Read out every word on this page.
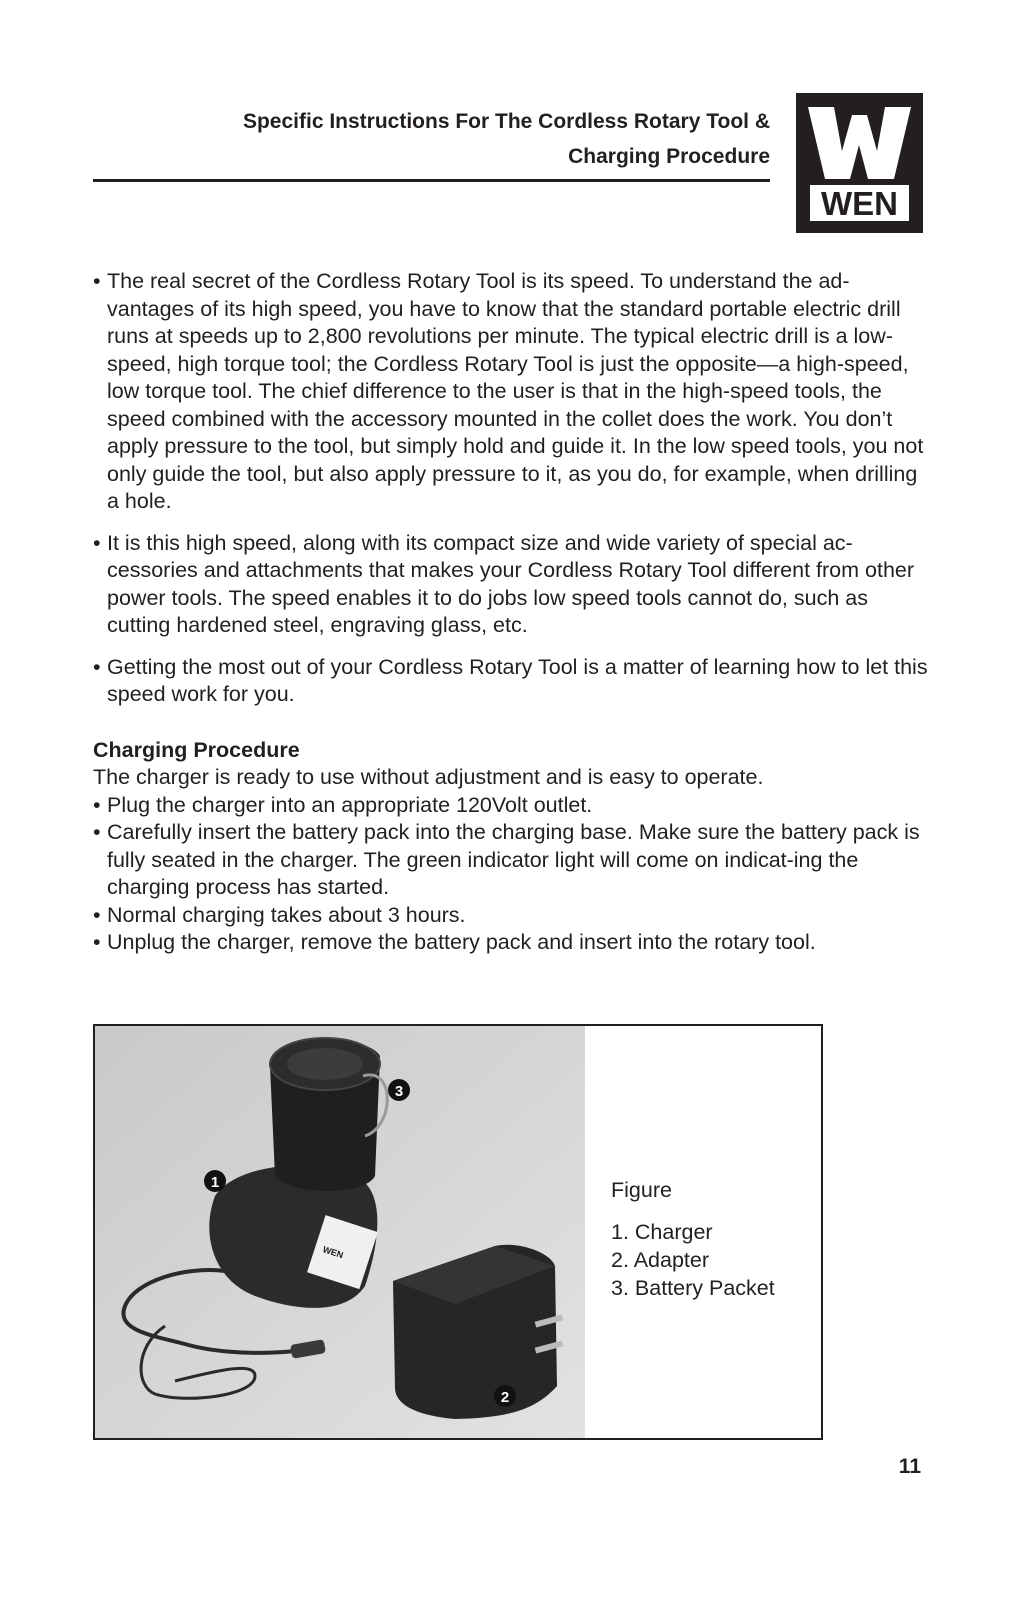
Specific Instructions For The Cordless Rotary Tool &
Charging Procedure
WEN
• The real secret of the Cordless Rotary Tool is its speed. To understand the ad-vantages of its high speed, you have to know that the standard portable electric drill runs at speeds up to 2,800 revolutions per minute. The typical electric drill is a low-speed, high torque tool; the Cordless Rotary Tool is just the opposite—a high-speed, low torque tool. The chief difference to the user is that in the high-speed tools, the speed combined with the accessory mounted in the collet does the work. You don’t apply pressure to the tool, but simply hold and guide it. In the low speed tools, you not only guide the tool, but also apply pressure to it, as you do, for example, when drilling a hole.
• It is this high speed, along with its compact size and wide variety of special ac-cessories and attachments that makes your Cordless Rotary Tool different from other power tools. The speed enables it to do jobs low speed tools cannot do, such as cutting hardened steel, engraving glass, etc.
• Getting the most out of your Cordless Rotary Tool is a matter of learning how to let this speed work for you.
Charging Procedure
The charger is ready to use without adjustment and is easy to operate.
• Plug the charger into an appropriate 120Volt outlet.
• Carefully insert the battery pack into the charging base. Make sure the battery pack is fully seated in the charger. The green indicator light will come on indicat-ing the charging process has started.
• Normal charging takes about 3 hours.
• Unplug the charger, remove the battery pack and insert into the rotary tool.
WEN
1
2
3
Figure
1. Charger
2. Adapter
3. Battery Packet
11
